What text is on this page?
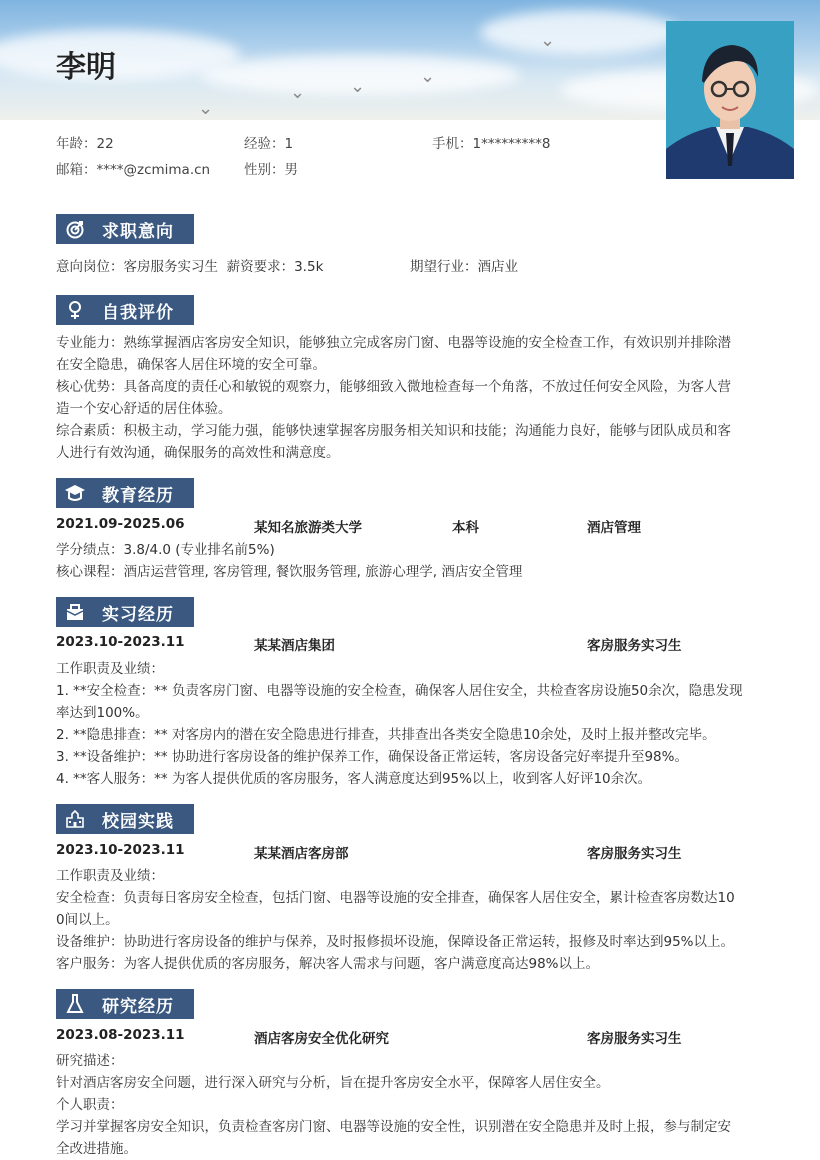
⌄
⌄ ⌄	⌄
⌄
李明
年龄：22	经验：1	手机：1*********8
邮箱：****@zcmima.cn	性别：男
求职意向
意向岗位：客房服务实习生 薪资要求：3.5k	期望行业：酒店业
自我评价
专业能力：熟练掌握酒店客房安全知识，能够独立完成客房门窗、电器等设施的安全检查工作，有效识别并排除潜
在安全隐患，确保客人居住环境的安全可靠。
核心优势：具备高度的责任心和敏锐的观察力，能够细致入微地检查每一个角落，不放过任何安全风险，为客人营
造一个安心舒适的居住体验。
综合素质：积极主动，学习能力强，能够快速掌握客房服务相关知识和技能；沟通能力良好，能够与团队成员和客
人进行有效沟通，确保服务的高效性和满意度。
教育经历
2021.09-2025.06	某知名旅游类大学	本科	酒店管理
学分绩点：3.8/4.0 (专业排名前5%)
核心课程：酒店运营管理, 客房管理, 餐饮服务管理, 旅游心理学, 酒店安全管理
实习经历
2023.10-2023.11	某某酒店集团	客房服务实习生
工作职责及业绩：
1. **安全检查：** 负责客房门窗、电器等设施的安全检查，确保客人居住安全，共检查客房设施50余次，隐患发现
率达到100%。
2. **隐患排查：** 对客房内的潜在安全隐患进行排查，共排查出各类安全隐患10余处，及时上报并整改完毕。
3. **设备维护：** 协助进行客房设备的维护保养工作，确保设备正常运转，客房设备完好率提升至98%。
4. **客人服务：** 为客人提供优质的客房服务，客人满意度达到95%以上，收到客人好评10余次。
校园实践
2023.10-2023.11	某某酒店客房部	客房服务实习生
工作职责及业绩：
安全检查：负责每日客房安全检查，包括门窗、电器等设施的安全排查，确保客人居住安全，累计检查客房数达10
0间以上。
设备维护：协助进行客房设备的维护与保养，及时报修损坏设施，保障设备正常运转，报修及时率达到95%以上。
客户服务：为客人提供优质的客房服务，解决客人需求与问题，客户满意度高达98%以上。
研究经历
2023.08-2023.11	酒店客房安全优化研究	客房服务实习生
研究描述：
针对酒店客房安全问题，进行深入研究与分析，旨在提升客房安全水平，保障客人居住安全。
个人职责：
学习并掌握客房安全知识，负责检查客房门窗、电器等设施的安全性，识别潜在安全隐患并及时上报，参与制定安
全改进措施。
